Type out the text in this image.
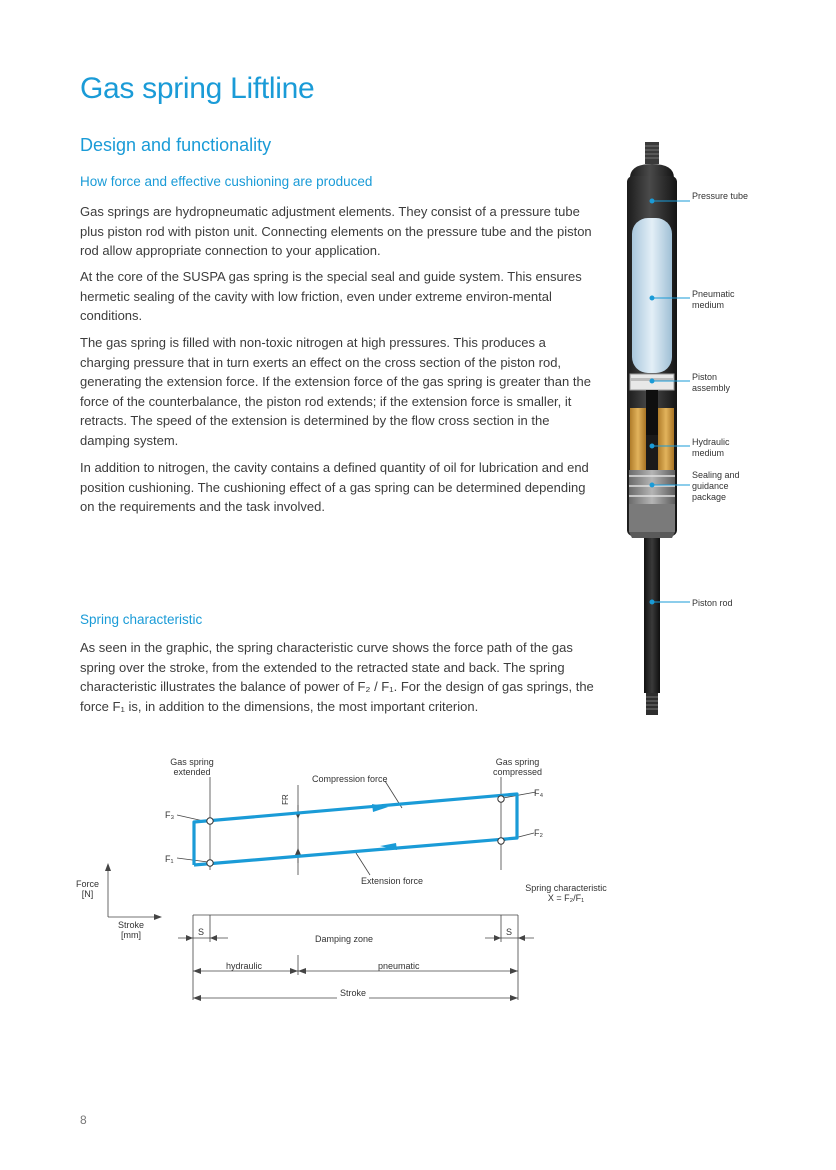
Gas spring Liftline
Design and functionality
How force and effective cushioning are produced

Gas springs are hydropneumatic adjustment elements. They consist of a pressure tube plus piston rod with piston unit. Connecting elements on the pressure tube and the piston rod allow appropriate connection to your application.

At the core of the SUSPA gas spring is the special seal and guide system. This ensures hermetic sealing of the cavity with low friction, even under extreme environ-mental conditions.

The gas spring is filled with non-toxic nitrogen at high pressures. This produces a charging pressure that in turn exerts an effect on the cross section of the piston rod, generating the extension force. If the extension force of the gas spring is greater than the force of the counterbalance, the piston rod extends; if the extension force is smaller, it retracts. The speed of the extension is determined by the flow cross section in the damping system.

In addition to nitrogen, the cavity contains a defined quantity of oil for lubrication and end position cushioning. The cushioning effect of a gas spring can be determined depending on the requirements and the task involved.

Spring characteristic

As seen in the graphic, the spring characteristic curve shows the force path of the gas spring over the stroke, from the extended to the retracted state and back. The spring characteristic illustrates the balance of power of F₂ / F₁. For the design of gas springs, the force F₁ is, in addition to the dimensions, the most important criterion.

Pressure tube
Pneumatic medium
Piston assembly
Hydraulic medium
Sealing and guidance package
Piston rod
Gas spring
extended
Gas spring
compressed
Compression force
Extension force
FR
F₃
F₁
F₄
F₂
Force
[N]
Stroke
[mm]
Spring characteristic
X = F₂/F₁
S	S
Damping zone
hydraulic	pneumatic
Stroke
8
